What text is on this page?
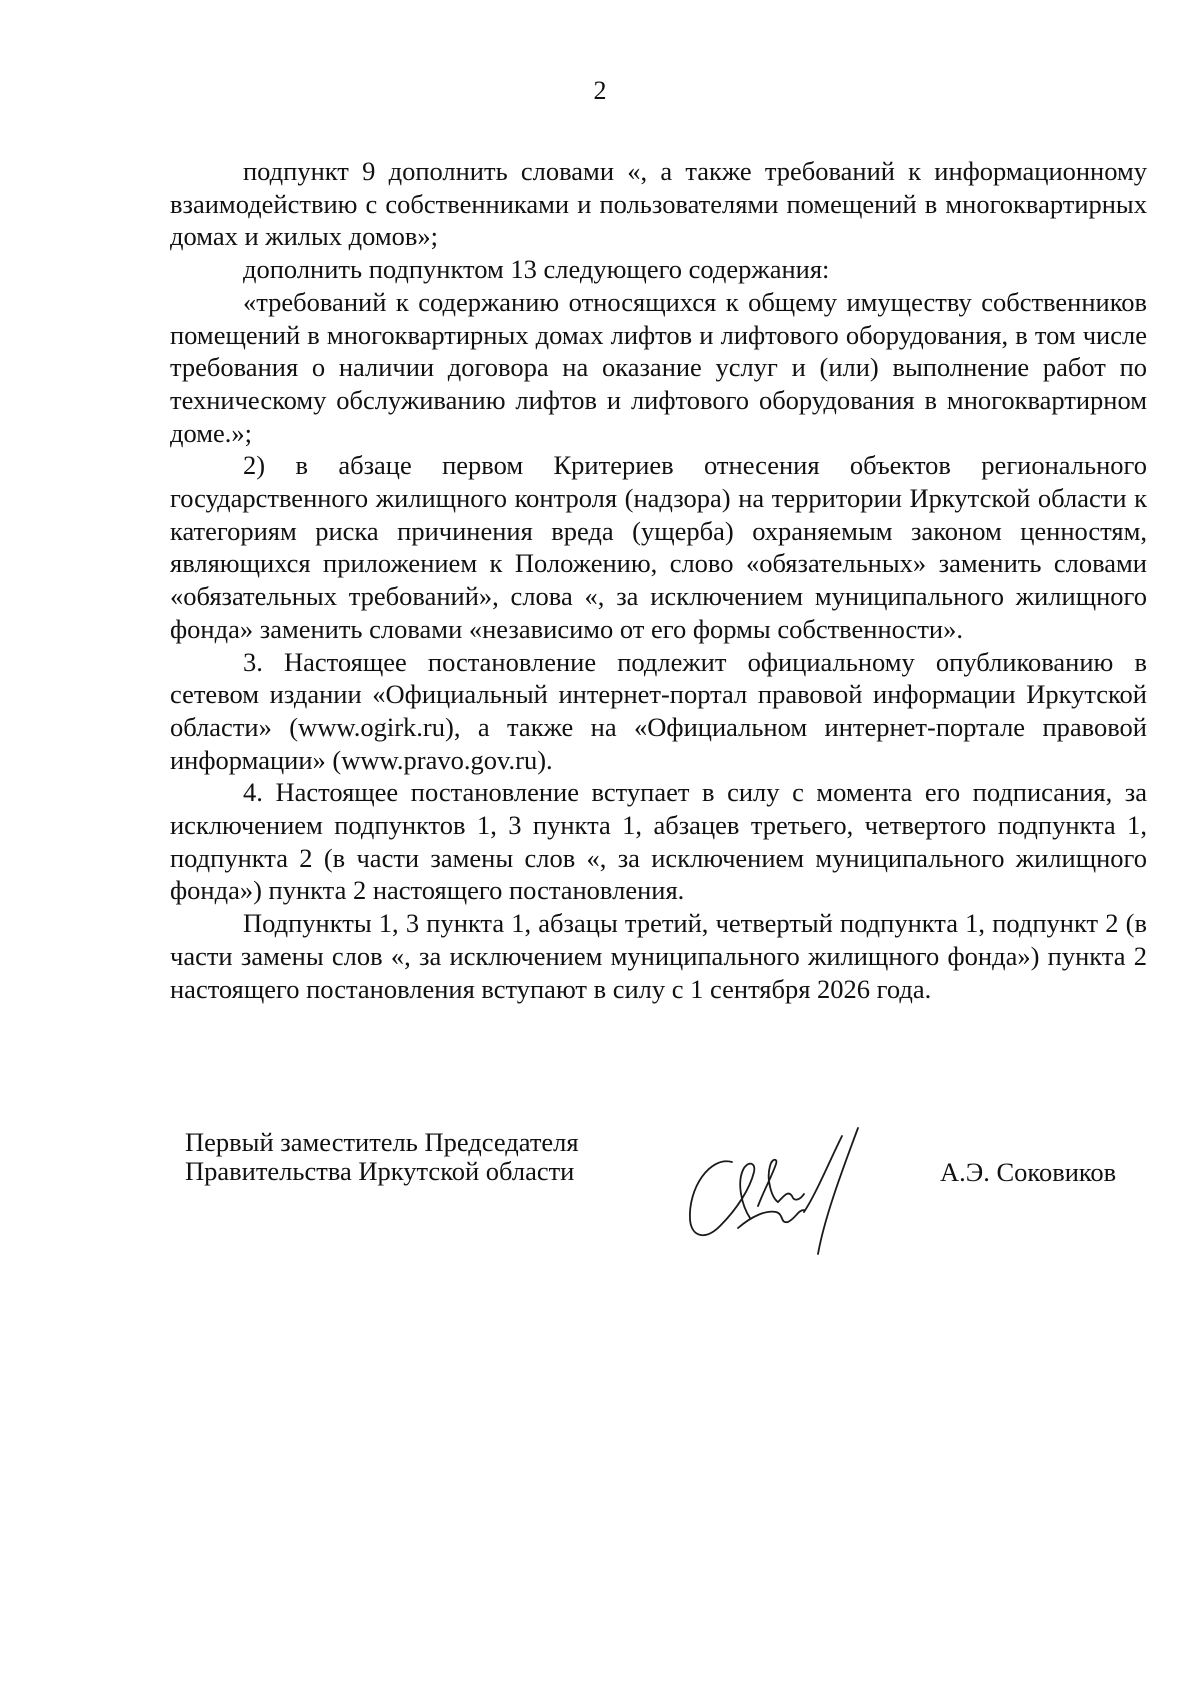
2

подпункт 9 дополнить словами «, а также требований к информационному взаимодействию с собственниками и пользователями помещений в многоквартирных домах и жилых домов»;

дополнить подпунктом 13 следующего содержания:

«требований к содержанию относящихся к общему имуществу собственников помещений в многоквартирных домах лифтов и лифтового оборудования, в том числе требования о наличии договора на оказание услуг и (или) выполнение работ по техническому обслуживанию лифтов и лифтового оборудования в многоквартирном доме.»;

2) в абзаце первом Критериев отнесения объектов регионального государственного жилищного контроля (надзора) на территории Иркутской области к категориям риска причинения вреда (ущерба) охраняемым законом ценностям, являющихся приложением к Положению, слово «обязательных» заменить словами «обязательных требований», слова «, за исключением муниципального жилищного фонда» заменить словами «независимо от его формы собственности».

3. Настоящее постановление подлежит официальному опубликованию в сетевом издании «Официальный интернет-портал правовой информации Иркутской области» (www.ogirk.ru), а также на «Официальном интернет-портале правовой информации» (www.pravo.gov.ru).

4. Настоящее постановление вступает в силу с момента его подписания, за исключением подпунктов 1, 3 пункта 1, абзацев третьего, четвертого подпункта 1, подпункта 2 (в части замены слов «, за исключением муниципального жилищного фонда») пункта 2 настоящего постановления.

Подпункты 1, 3 пункта 1, абзацы третий, четвертый подпункта 1, подпункт 2 (в части замены слов «, за исключением муниципального жилищного фонда») пункта 2 настоящего постановления вступают в силу с 1 сентября 2026 года.

Первый заместитель Председателя
Правительства Иркутской области	А.Э. Соковиков
